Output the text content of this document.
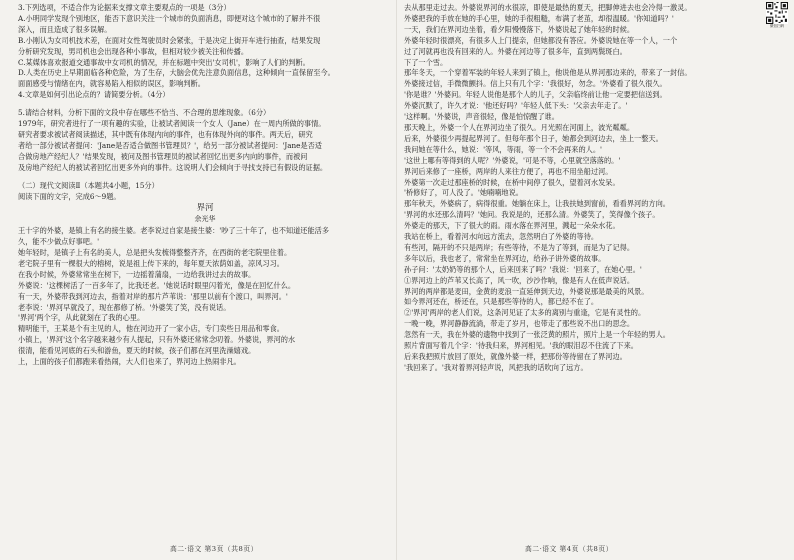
3.下列选项，不适合作为论据来支撑文章主要观点的一项是（3分）
A.小明同学发现个别地区，能否下意识关注一个城市的负面消息，即便对这个城市的了解并不很
深入，而且造成了很多误解。
B.小刚认为女司机技术差，在面对女性驾驶员时会紧张，于是决定上街开车进行抽查，结果发现
分析研究发现，男司机也会出现各种小事故，但相对较少被关注和传播。
C.某媒体喜欢报道交通事故中女司机的情况，并在标题中突出'女司机'，影响了人们的判断。
D.人类在历史上早期面临各种危险，为了生存，大脑会优先注意负面信息，这种倾向一直保留至今。
面面感受与情绪在内，就容易陷入相似的误区，影响判断。
4.文章是如何引出论点的？请简要分析。（4分）
5.请结合材料，分析下面的文段中存在哪些不恰当、不合理的思维现象。（6分）
1979年，研究者进行了一项有趣的实验，让被试者阅读一个女人（Jane）在一周内所做的事情。
研究者要求被试者阅读描述，其中既有体现内向的事件，也有体现外向的事件。两天后，研究
者给一部分被试者提问：'Jane是否适合做图书管理员？'，给另一部分被试者提问：'Jane是否适
合做房地产经纪人？'结果发现，被问及图书管理员的被试者回忆出更多内向的事件，而被问
及房地产经纪人的被试者回忆出更多外向的事件。这说明人们会倾向于寻找支持已有假设的证据。
（二）现代文阅读Ⅱ（本题共4小题，15分）
阅读下面的文字，完成6～9题。
界河
余光华
王十字的外婆，是镇上有名的接生婆。老李说过自家是接生婆：'吵了三十年了，也不知道还能活多
久，能不少做点好事吧。'
她年轻时，是镇子上有名的美人，总是把头发梳得整整齐齐，在西街的老宅院里住着。
老宅院子里有一棵很大的榕树，说是祖上传下来的，每年夏天浓荫如盖，凉风习习。
在我小时候，外婆常常坐在树下，一边摇着蒲扇，一边给我讲过去的故事。
外婆说：'这棵树活了一百多年了，比我还老。'她说话时眼里闪着光，像是在回忆什么。
有一天，外婆带我到河边去，指着对岸的那片芦苇说：'那里以前有个渡口，叫界河。'
老李说：'界河早就没了，现在都修了桥。'外婆笑了笑，没有说话。
'界河'两个字，从此就刻在了我的心里。
精明能干，王某是个有主见的人，他在河边开了一家小店，专门卖些日用品和零食。
小镇上，'界河'这个名字越来越少有人提起，只有外婆还常常念叨着。外婆说，界河的水
很清，能看见河底的石头和游鱼，夏天的时候，孩子们都在河里洗澡嬉戏。
上，上面的孩子们都跑来看热闹，大人们也来了，界河边上热闹非凡。
去从那里走过去。外婆说界河的水很凉，即使是最热的夏天，把脚伸进去也会冷得一激灵。
外婆把我的手放在她的手心里，她的手很粗糙，布满了老茧，却很温暖。'你知道吗？'
一天，我们在界河边坐着，看夕阳慢慢落下，外婆说起了她年轻的时候。
外婆年轻时很漂亮，有很多人上门提亲，但她都没有答应。外婆说她在等一个人，一个
过了河就再也没有回来的人。外婆在河边等了很多年，直到两鬓斑白。
下了一个雪。
那年冬天，一个穿着军装的年轻人来到了镇上，他说他是从界河那边来的，带来了一封信。
外婆接过信，手微微颤抖。信上只有几个字：'我很好，勿念。'外婆看了很久很久。
'你是谁？'外婆问。年轻人说他是那个人的儿子，父亲临终前让他一定要把信送到。
外婆沉默了，许久才说：'他还好吗？'年轻人低下头：'父亲去年走了。'
'这样啊。'外婆说，声音很轻，像是怕惊醒了谁。
那天晚上，外婆一个人在界河边坐了很久。月光照在河面上，波光粼粼。
后来，外婆很少再提起界河了。但每年那个日子，她都会到河边去，坐上一整天。
我问她在等什么，她说：'等风，等雨，等一个不会再来的人。'
'这世上哪有等得到的人呢？'外婆说，'可是不等，心里就空落落的。'
界河后来修了一座桥，两岸的人来往方便了，再也不用坐船过河。
外婆第一次走过那座桥的时候，在桥中间停了很久，望着河水发呆。
'桥修好了，可人没了。'她喃喃地说。
那年秋天，外婆病了，病得很重。她躺在床上，让我扶她到窗前，看看界河的方向。
'界河的水还那么清吗？'她问。我说是的，还那么清。外婆笑了，笑得像个孩子。
外婆走的那天，下了很大的雨。雨水落在界河里，溅起一朵朵水花。
我站在桥上，看着河水向远方流去，忽然明白了外婆的等待。
有些河，隔开的不只是两岸；有些等待，不是为了等到，而是为了记得。
多年以后，我也老了，常常坐在界河边，给孙子讲外婆的故事。
孙子问：'太奶奶等的那个人，后来回来了吗？'我说：'回来了，在她心里。'
①界河边上的芦苇又长高了，风一吹，沙沙作响，像是有人在低声说话。
界河的两岸都是麦田，金黄的麦浪一直延伸到天边，外婆说那是最美的风景。
如今界河还在，桥还在，只是那些等待的人，都已经不在了。
②'界河'两岸的老人们说，这条河见证了太多的离别与重逢，它是有灵性的。
一晚一晚，界河静静流淌，带走了岁月，也带走了那些说不出口的思念。
忽然有一天，我在外婆的遗物中找到了一张泛黄的照片，照片上是一个年轻的男人。
照片背面写着几个字：'待我归来，界河相见。'我的眼泪忍不住流了下来。
后来我把照片放回了原处，就像外婆一样，把那份等待留在了界河边。
'我回来了。'我对着界河轻声说，风把我的话吹向了远方。
微信扫码
高二·语文 第3页（共8页）	高二·语文 第4页（共8页）
